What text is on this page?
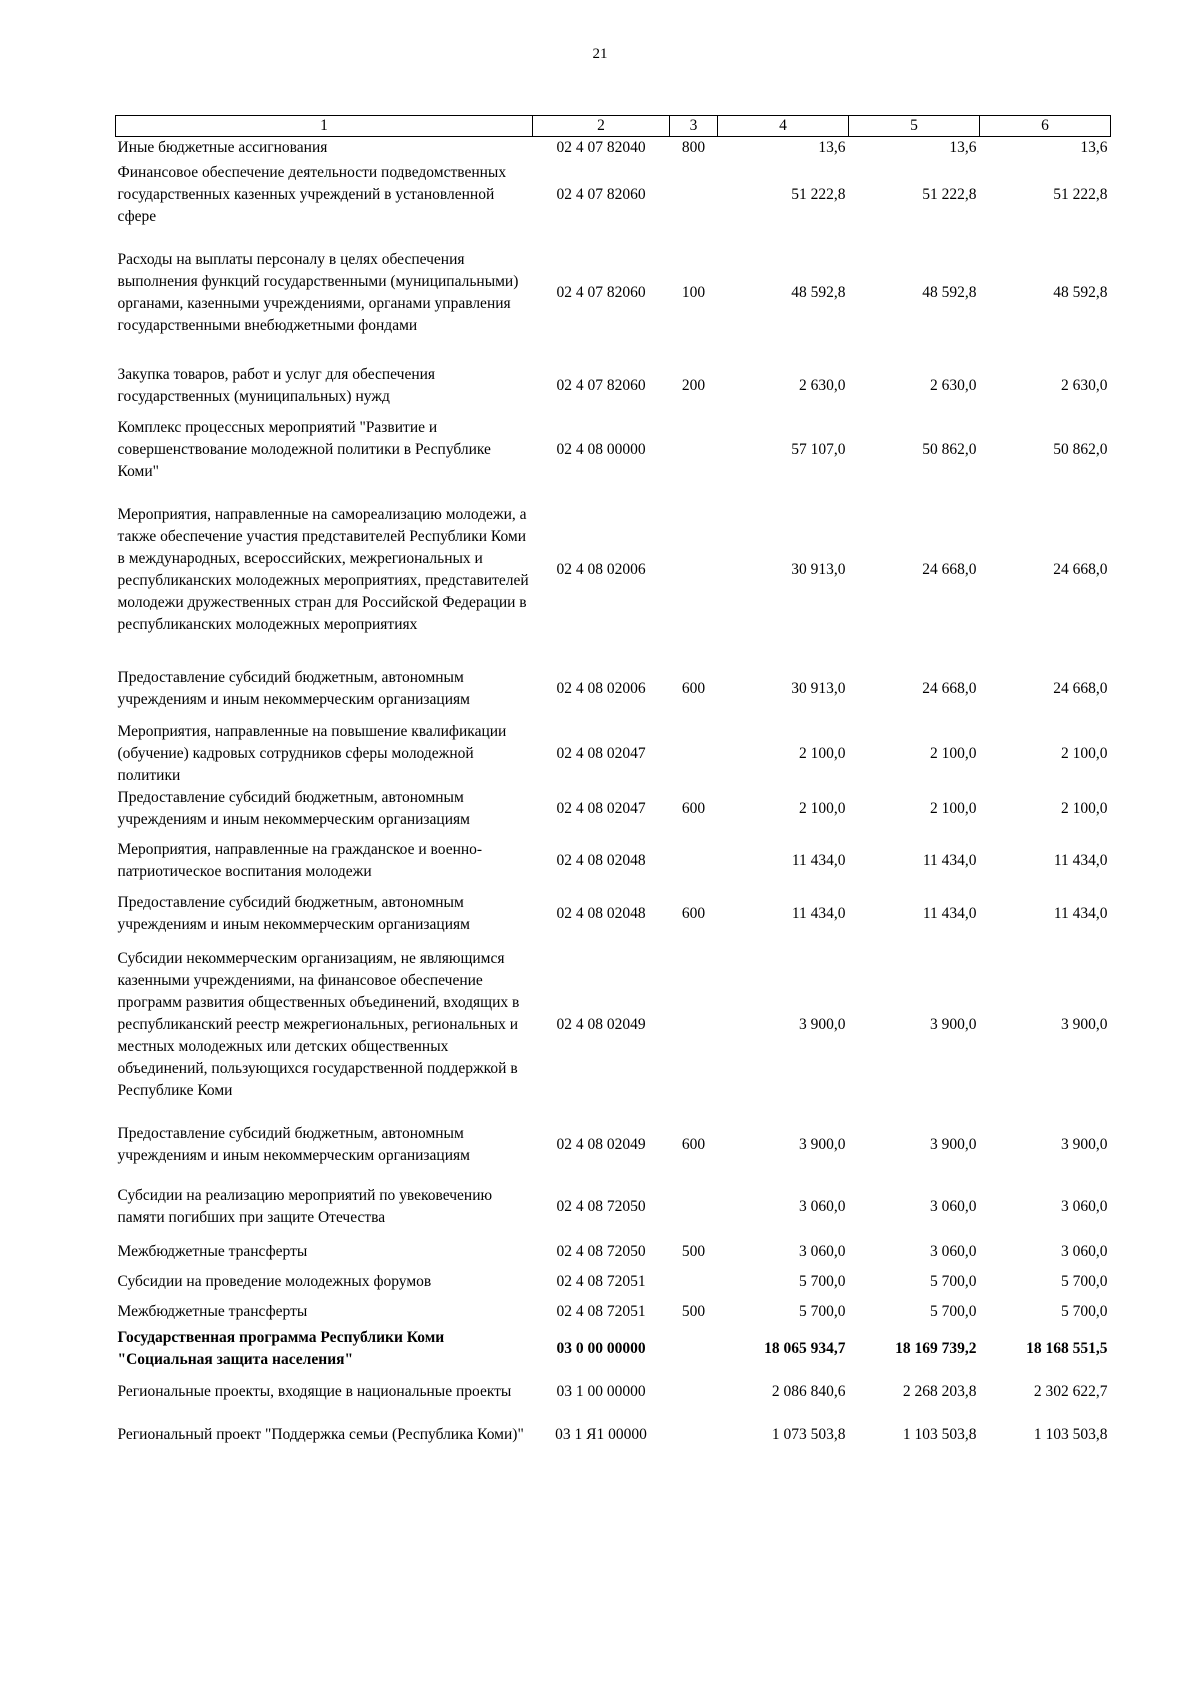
21
1	2	3	4	5	6
Иные бюджетные ассигнования	02 4 07 82040	800	13,6	13,6	13,6
Финансовое обеспечение деятельности подведомственных государственных казенных учреждений в установленной сфере	02 4 07 82060		51 222,8	51 222,8	51 222,8
Расходы на выплаты персоналу в целях обеспечения выполнения функций государственными (муниципальными) органами, казенными учреждениями, органами управления государственными внебюджетными фондами	02 4 07 82060	100	48 592,8	48 592,8	48 592,8
Закупка товаров, работ и услуг для обеспечения государственных (муниципальных) нужд	02 4 07 82060	200	2 630,0	2 630,0	2 630,0
Комплекс процессных мероприятий "Развитие и совершенствование молодежной политики в Республике Коми"	02 4 08 00000		57 107,0	50 862,0	50 862,0
Мероприятия, направленные на самореализацию молодежи, а также обеспечение участия представителей Республики Коми в международных, всероссийских, межрегиональных и республиканских молодежных мероприятиях, представителей молодежи дружественных стран для Российской Федерации в республиканских молодежных мероприятиях	02 4 08 02006		30 913,0	24 668,0	24 668,0
Предоставление субсидий бюджетным, автономным учреждениям и иным некоммерческим организациям	02 4 08 02006	600	30 913,0	24 668,0	24 668,0
Мероприятия, направленные на повышение квалификации (обучение) кадровых сотрудников сферы молодежной политики	02 4 08 02047		2 100,0	2 100,0	2 100,0
Предоставление субсидий бюджетным, автономным учреждениям и иным некоммерческим организациям	02 4 08 02047	600	2 100,0	2 100,0	2 100,0
Мероприятия, направленные на гражданское и военно-патриотическое воспитания молодежи	02 4 08 02048		11 434,0	11 434,0	11 434,0
Предоставление субсидий бюджетным, автономным учреждениям и иным некоммерческим организациям	02 4 08 02048	600	11 434,0	11 434,0	11 434,0
Субсидии некоммерческим организациям, не являющимся казенными учреждениями, на финансовое обеспечение программ развития общественных объединений, входящих в республиканский реестр межрегиональных, региональных и местных молодежных или детских общественных объединений, пользующихся государственной поддержкой в Республике Коми	02 4 08 02049		3 900,0	3 900,0	3 900,0
Предоставление субсидий бюджетным, автономным учреждениям и иным некоммерческим организациям	02 4 08 02049	600	3 900,0	3 900,0	3 900,0
Субсидии на реализацию мероприятий по увековечению памяти погибших при защите Отечества	02 4 08 72050		3 060,0	3 060,0	3 060,0
Межбюджетные трансферты	02 4 08 72050	500	3 060,0	3 060,0	3 060,0
Субсидии на проведение молодежных форумов	02 4 08 72051		5 700,0	5 700,0	5 700,0
Межбюджетные трансферты	02 4 08 72051	500	5 700,0	5 700,0	5 700,0
Государственная программа Республики Коми "Социальная защита населения"	03 0 00 00000		18 065 934,7	18 169 739,2	18 168 551,5
Региональные проекты, входящие в национальные проекты	03 1 00 00000		2 086 840,6	2 268 203,8	2 302 622,7
Региональный проект "Поддержка семьи (Республика Коми)"	03 1 Я1 00000		1 073 503,8	1 103 503,8	1 103 503,8
